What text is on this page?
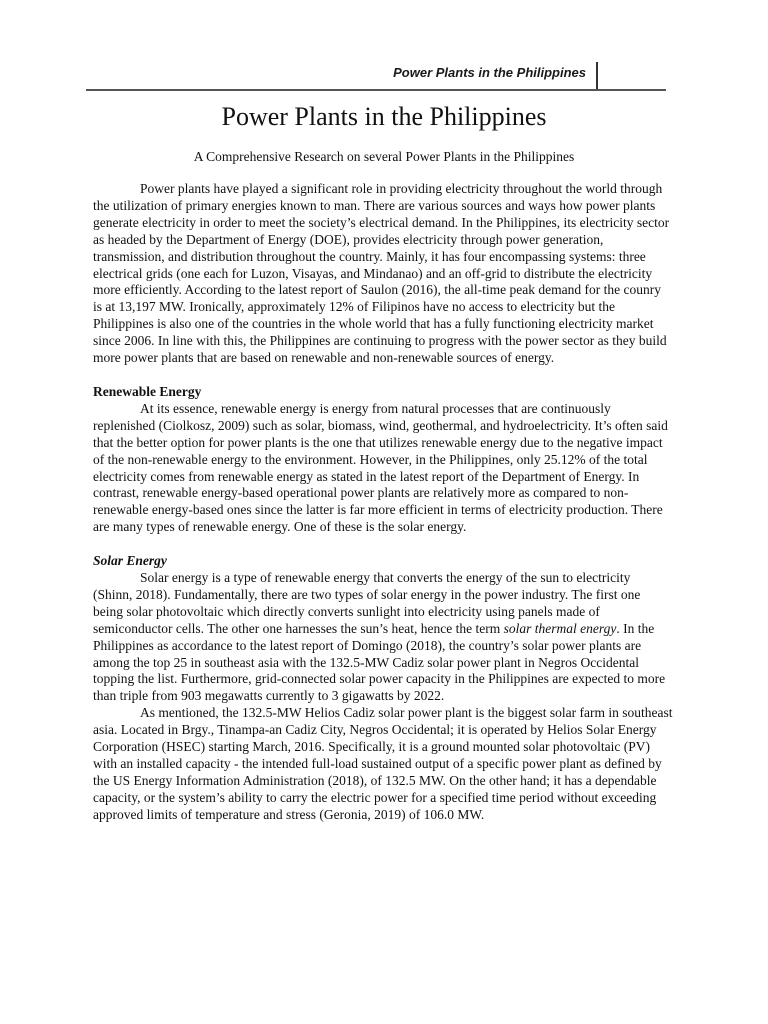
Power Plants in the Philippines
Power Plants in the Philippines

A Comprehensive Research on several Power Plants in the Philippines

Power plants have played a significant role in providing electricity throughout the world through the utilization of primary energies known to man. There are various sources and ways how power plants generate electricity in order to meet the society’s electrical demand. In the Philippines, its electricity sector as headed by the Department of Energy (DOE), provides electricity through power generation, transmission, and distribution throughout the country. Mainly, it has four encompassing systems: three electrical grids (one each for Luzon, Visayas, and Mindanao) and an off-grid to distribute the electricity more efficiently. According to the latest report of Saulon (2016), the all-time peak demand for the counry is at 13,197 MW. Ironically, approximately 12% of Filipinos have no access to electricity but the Philippines is also one of the countries in the whole world that has a fully functioning electricity market since 2006. In line with this, the Philippines are continuing to progress with the power sector as they build more power plants that are based on renewable and non-renewable sources of energy.

Renewable Energy

At its essence, renewable energy is energy from natural processes that are continuously replenished (Ciolkosz, 2009) such as solar, biomass, wind, geothermal, and hydroelectricity. It’s often said that the better option for power plants is the one that utilizes renewable energy due to the negative impact of the non-renewable energy to the environment. However, in the Philippines, only 25.12% of the total electricity comes from renewable energy as stated in the latest report of the Department of Energy. In contrast, renewable energy-based operational power plants are relatively more as compared to non-renewable energy-based ones since the latter is far more efficient in terms of electricity production. There are many types of renewable energy. One of these is the solar energy.

Solar Energy

Solar energy is a type of renewable energy that converts the energy of the sun to electricity (Shinn, 2018). Fundamentally, there are two types of solar energy in the power industry. The first one being solar photovoltaic which directly converts sunlight into electricity using panels made of semiconductor cells. The other one harnesses the sun’s heat, hence the term solar thermal energy. In the Philippines as accordance to the latest report of Domingo (2018), the country’s solar power plants are among the top 25 in southeast asia with the 132.5-MW Cadiz solar power plant in Negros Occidental topping the list. Furthermore, grid-connected solar power capacity in the Philippines are expected to more than triple from 903 megawatts currently to 3 gigawatts by 2022.

As mentioned, the 132.5-MW Helios Cadiz solar power plant is the biggest solar farm in southeast asia. Located in Brgy., Tinampa-an Cadiz City, Negros Occidental; it is operated by Helios Solar Energy Corporation (HSEC) starting March, 2016. Specifically, it is a ground mounted solar photovoltaic (PV) with an installed capacity - the intended full-load sustained output of a specific power plant as defined by the US Energy Information Administration (2018), of 132.5 MW. On the other hand; it has a dependable capacity, or the system’s ability to carry the electric power for a specified time period without exceeding approved limits of temperature and stress (Geronia, 2019) of 106.0 MW.
